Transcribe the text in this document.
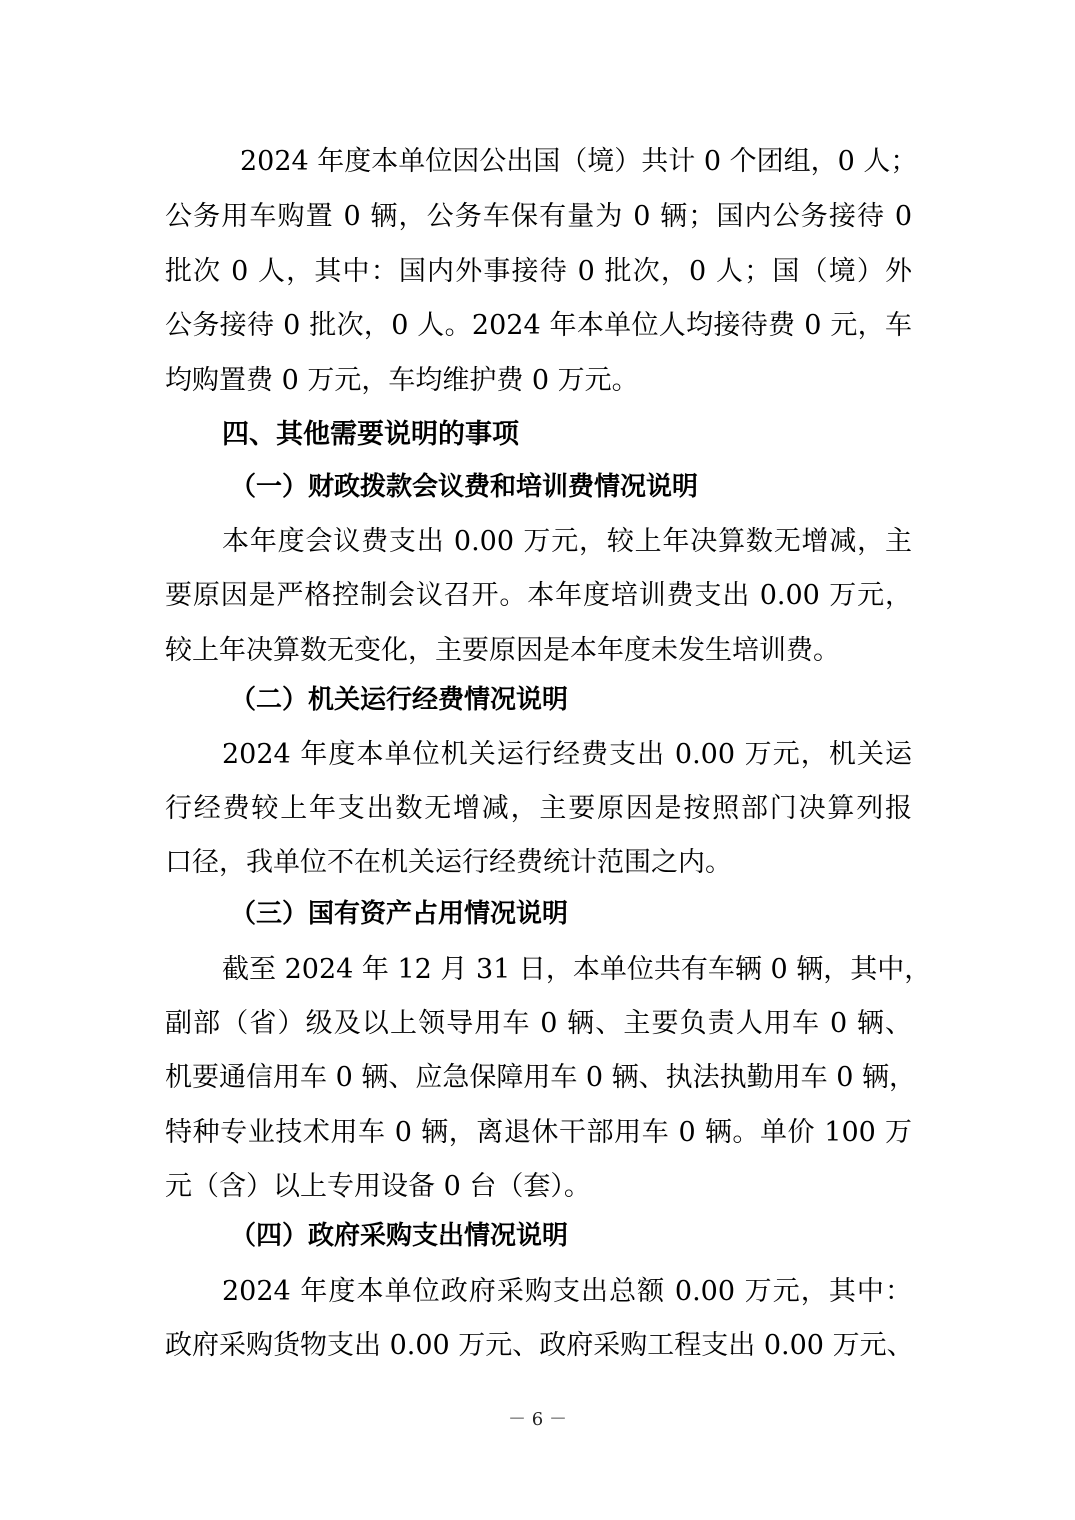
2024 年度本单位因公出国（境）共计 0 个团组，0 人；
公务用车购置 0 辆，公务车保有量为 0 辆；国内公务接待 0
批次 0 人，其中：国内外事接待 0 批次，0 人；国（境）外
公务接待 0 批次，0 人。2024 年本单位人均接待费 0 元，车
均购置费 0 万元，车均维护费 0 万元。
四、其他需要说明的事项
（一）财政拨款会议费和培训费情况说明
本年度会议费支出 0.00 万元，较上年决算数无增减，主
要原因是严格控制会议召开。本年度培训费支出 0.00 万元，
较上年决算数无变化，主要原因是本年度未发生培训费。
（二）机关运行经费情况说明
2024 年度本单位机关运行经费支出 0.00 万元，机关运
行经费较上年支出数无增减，主要原因是按照部门决算列报
口径，我单位不在机关运行经费统计范围之内。
（三）国有资产占用情况说明
截至 2024 年 12 月 31 日，本单位共有车辆 0 辆，其中，
副部（省）级及以上领导用车 0 辆、主要负责人用车 0 辆、
机要通信用车 0 辆、应急保障用车 0 辆、执法执勤用车 0 辆，
特种专业技术用车 0 辆，离退休干部用车 0 辆。单价 100 万
元（含）以上专用设备 0 台（套）。
（四）政府采购支出情况说明
2024 年度本单位政府采购支出总额 0.00 万元，其中：
政府采购货物支出 0.00 万元、政府采购工程支出 0.00 万元、
－ 6 －
